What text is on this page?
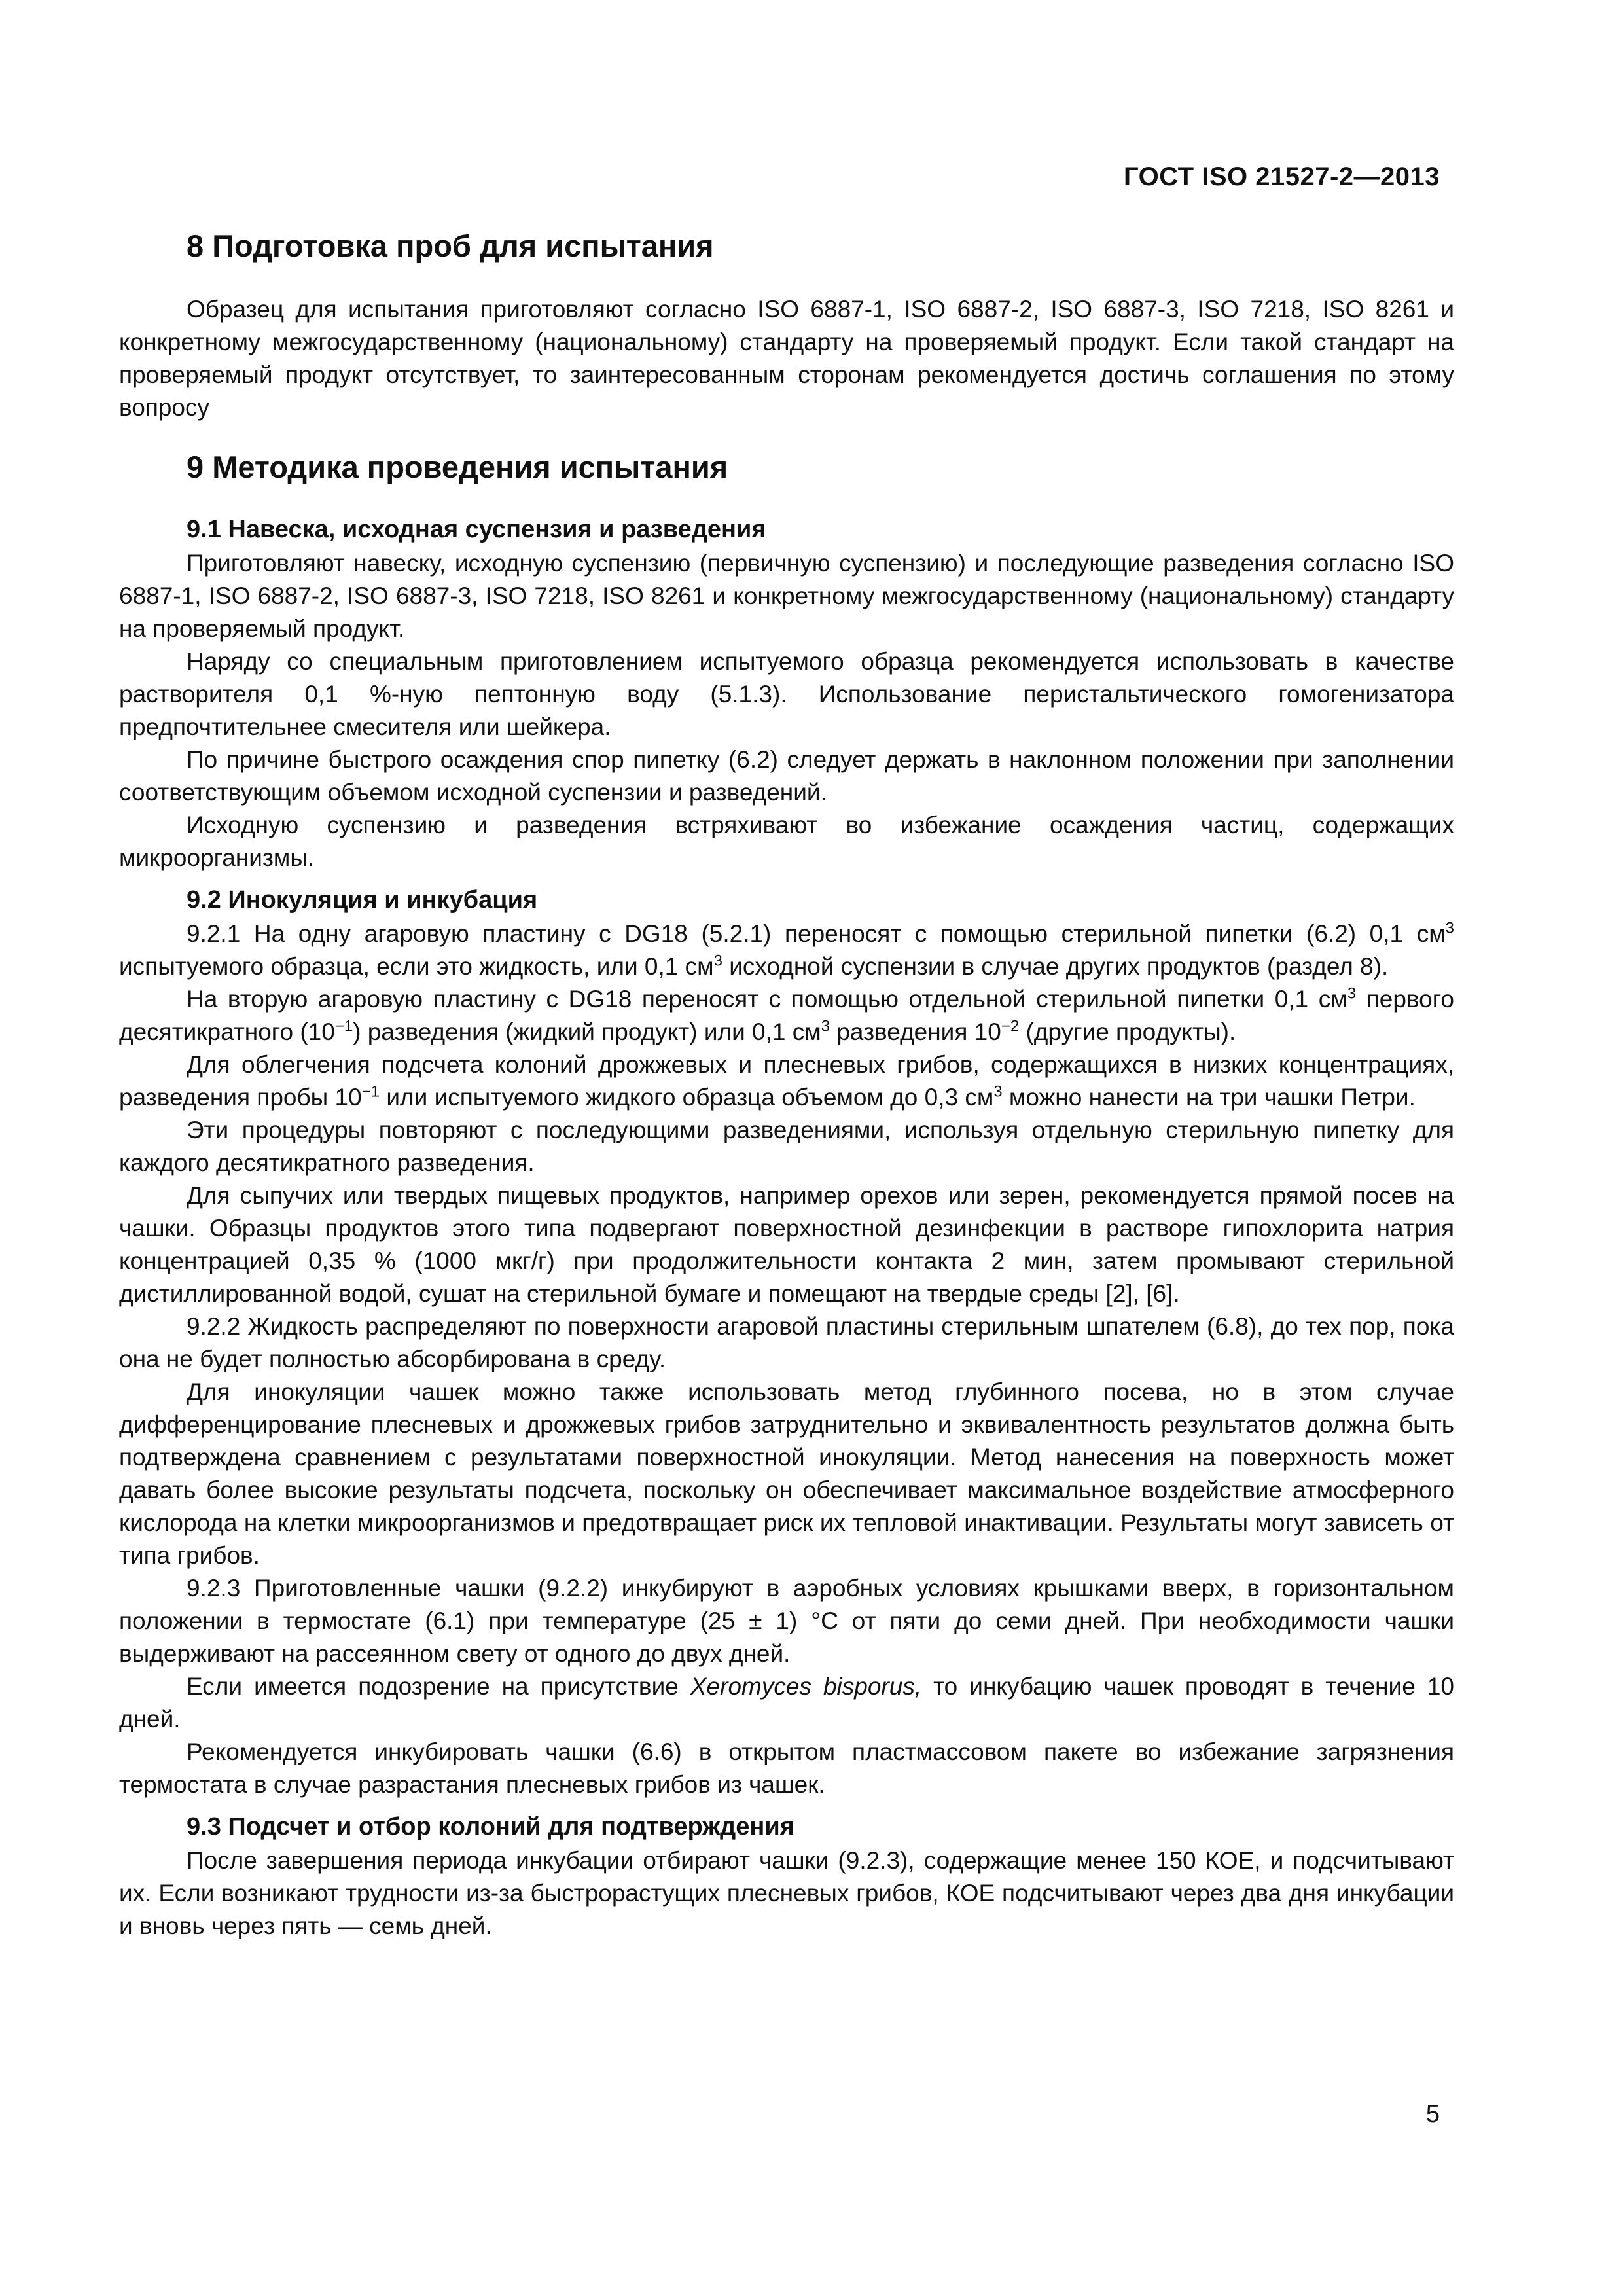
ГОСТ ISO 21527-2—2013
8 Подготовка проб для испытания

Образец для испытания приготовляют согласно ISO 6887-1, ISO 6887-2, ISO 6887-3, ISO 7218, ISO 8261 и конкретному межгосударственному (национальному) стандарту на проверяемый продукт. Если такой стандарт на проверяемый продукт отсутствует, то заинтересованным сторонам рекомендуется достичь соглашения по этому вопросу

9 Методика проведения испытания
9.1 Навеска, исходная суспензия и разведения

Приготовляют навеску, исходную суспензию (первичную суспензию) и последующие разведения согласно ISO 6887-1, ISO 6887-2, ISO 6887-3, ISO 7218, ISO 8261 и конкретному межгосударственному (национальному) стандарту на проверяемый продукт.

Наряду со специальным приготовлением испытуемого образца рекомендуется использовать в качестве растворителя 0,1 %-ную пептонную воду (5.1.3). Использование перистальтического гомогенизатора предпочтительнее смесителя или шейкера.

По причине быстрого осаждения спор пипетку (6.2) следует держать в наклонном положении при заполнении соответствующим объемом исходной суспензии и разведений.

Исходную суспензию и разведения встряхивают во избежание осаждения частиц, содержащих микроорганизмы.

9.2 Инокуляция и инкубация

9.2.1 На одну агаровую пластину с DG18 (5.2.1) переносят с помощью стерильной пипетки (6.2) 0,1 $см^3$ испытуемого образца, если это жидкость, или 0,1 $см^3$ исходной суспензии в случае других продуктов (раздел 8).

На вторую агаровую пластину с DG18 переносят с помощью отдельной стерильной пипетки 0,1 $см^3$ первого десятикратного $(10^{-1})$ разведения (жидкий продукт) или 0,1 $см^3$ разведения $10^{-2}$ (другие продукты).

Для облегчения подсчета колоний дрожжевых и плесневых грибов, содержащихся в низких концентрациях, разведения пробы $10^{-1}$ или испытуемого жидкого образца объемом до 0,3 $см^3$ можно нанести на три чашки Петри.

Эти процедуры повторяют с последующими разведениями, используя отдельную стерильную пипетку для каждого десятикратного разведения.

Для сыпучих или твердых пищевых продуктов, например орехов или зерен, рекомендуется прямой посев на чашки. Образцы продуктов этого типа подвергают поверхностной дезинфекции в растворе гипохлорита натрия концентрацией 0,35 % (1000 мкг/г) при продолжительности контакта 2 мин, затем промывают стерильной дистиллированной водой, сушат на стерильной бумаге и помещают на твердые среды [2], [6].

9.2.2 Жидкость распределяют по поверхности агаровой пластины стерильным шпателем (6.8), до тех пор, пока она не будет полностью абсорбирована в среду.

Для инокуляции чашек можно также использовать метод глубинного посева, но в этом случае дифференцирование плесневых и дрожжевых грибов затруднительно и эквивалентность результатов должна быть подтверждена сравнением с результатами поверхностной инокуляции. Метод нанесения на поверхность может давать более высокие результаты подсчета, поскольку он обеспечивает максимальное воздействие атмосферного кислорода на клетки микроорганизмов и предотвращает риск их тепловой инактивации. Результаты могут зависеть от типа грибов.

9.2.3 Приготовленные чашки (9.2.2) инкубируют в аэробных условиях крышками вверх, в горизонтальном положении в термостате (6.1) при температуре (25 ± 1) °С от пяти до семи дней. При необходимости чашки выдерживают на рассеянном свету от одного до двух дней.

Если имеется подозрение на присутствие Xeromyces bisporus, то инкубацию чашек проводят в течение 10 дней.

Рекомендуется инкубировать чашки (6.6) в открытом пластмассовом пакете во избежание загрязнения термостата в случае разрастания плесневых грибов из чашек.

9.3 Подсчет и отбор колоний для подтверждения

После завершения периода инкубации отбирают чашки (9.2.3), содержащие менее 150 КОЕ, и подсчитывают их. Если возникают трудности из-за быстрорастущих плесневых грибов, КОЕ подсчитывают через два дня инкубации и вновь через пять — семь дней.

5
